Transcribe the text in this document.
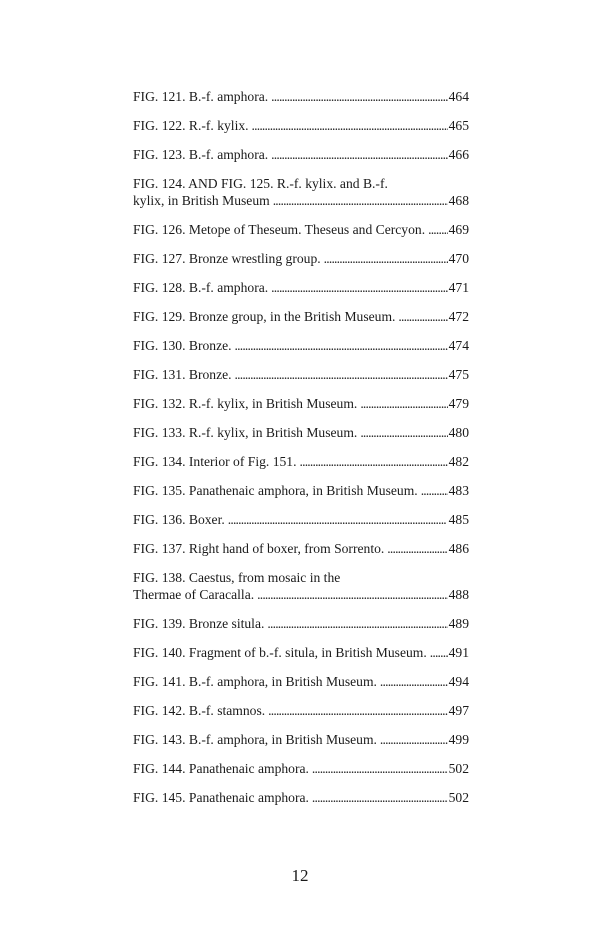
FIG. 121. B.-f. amphora. . . .	464
FIG. 122. R.-f. kylix. . . .	465
FIG. 123. B.-f. amphora. . . .	466
FIG. 124. AND FIG. 125. R.-f. kylix. and B.-f.
kylix, in British Museum . . .	468
FIG. 126. Metope of Theseum. Theseus and Cercyon. . . . 469
FIG. 127. Bronze wrestling group. . . .	470
FIG. 128. B.-f. amphora. . . .	471
FIG. 129. Bronze group, in the British Museum. . . .	472
FIG. 130. Bronze. . . .	474
FIG. 131. Bronze. . . .	475
FIG. 132. R.-f. kylix, in British Museum. . . .	479
FIG. 133. R.-f. kylix, in British Museum. . . .	480
FIG. 134. Interior of Fig. 151. . . .	482
FIG. 135. Panathenaic amphora, in British Museum. . . . 483
FIG. 136. Boxer. . . .	485
FIG. 137. Right hand of boxer, from Sorrento. . . .	486
FIG. 138. Caestus, from mosaic in the
Thermae of Caracalla. . . .	488
FIG. 139. Bronze situla. . . .	489
FIG. 140. Fragment of b.-f. situla, in British Museum. . . . 491
FIG. 141. B.-f. amphora, in British Museum. . . .	494
FIG. 142. B.-f. stamnos. . . .	497
FIG. 143. B.-f. amphora, in British Museum. . . .	499
FIG. 144. Panathenaic amphora. . . .	502
FIG. 145. Panathenaic amphora. . . .	502
12
